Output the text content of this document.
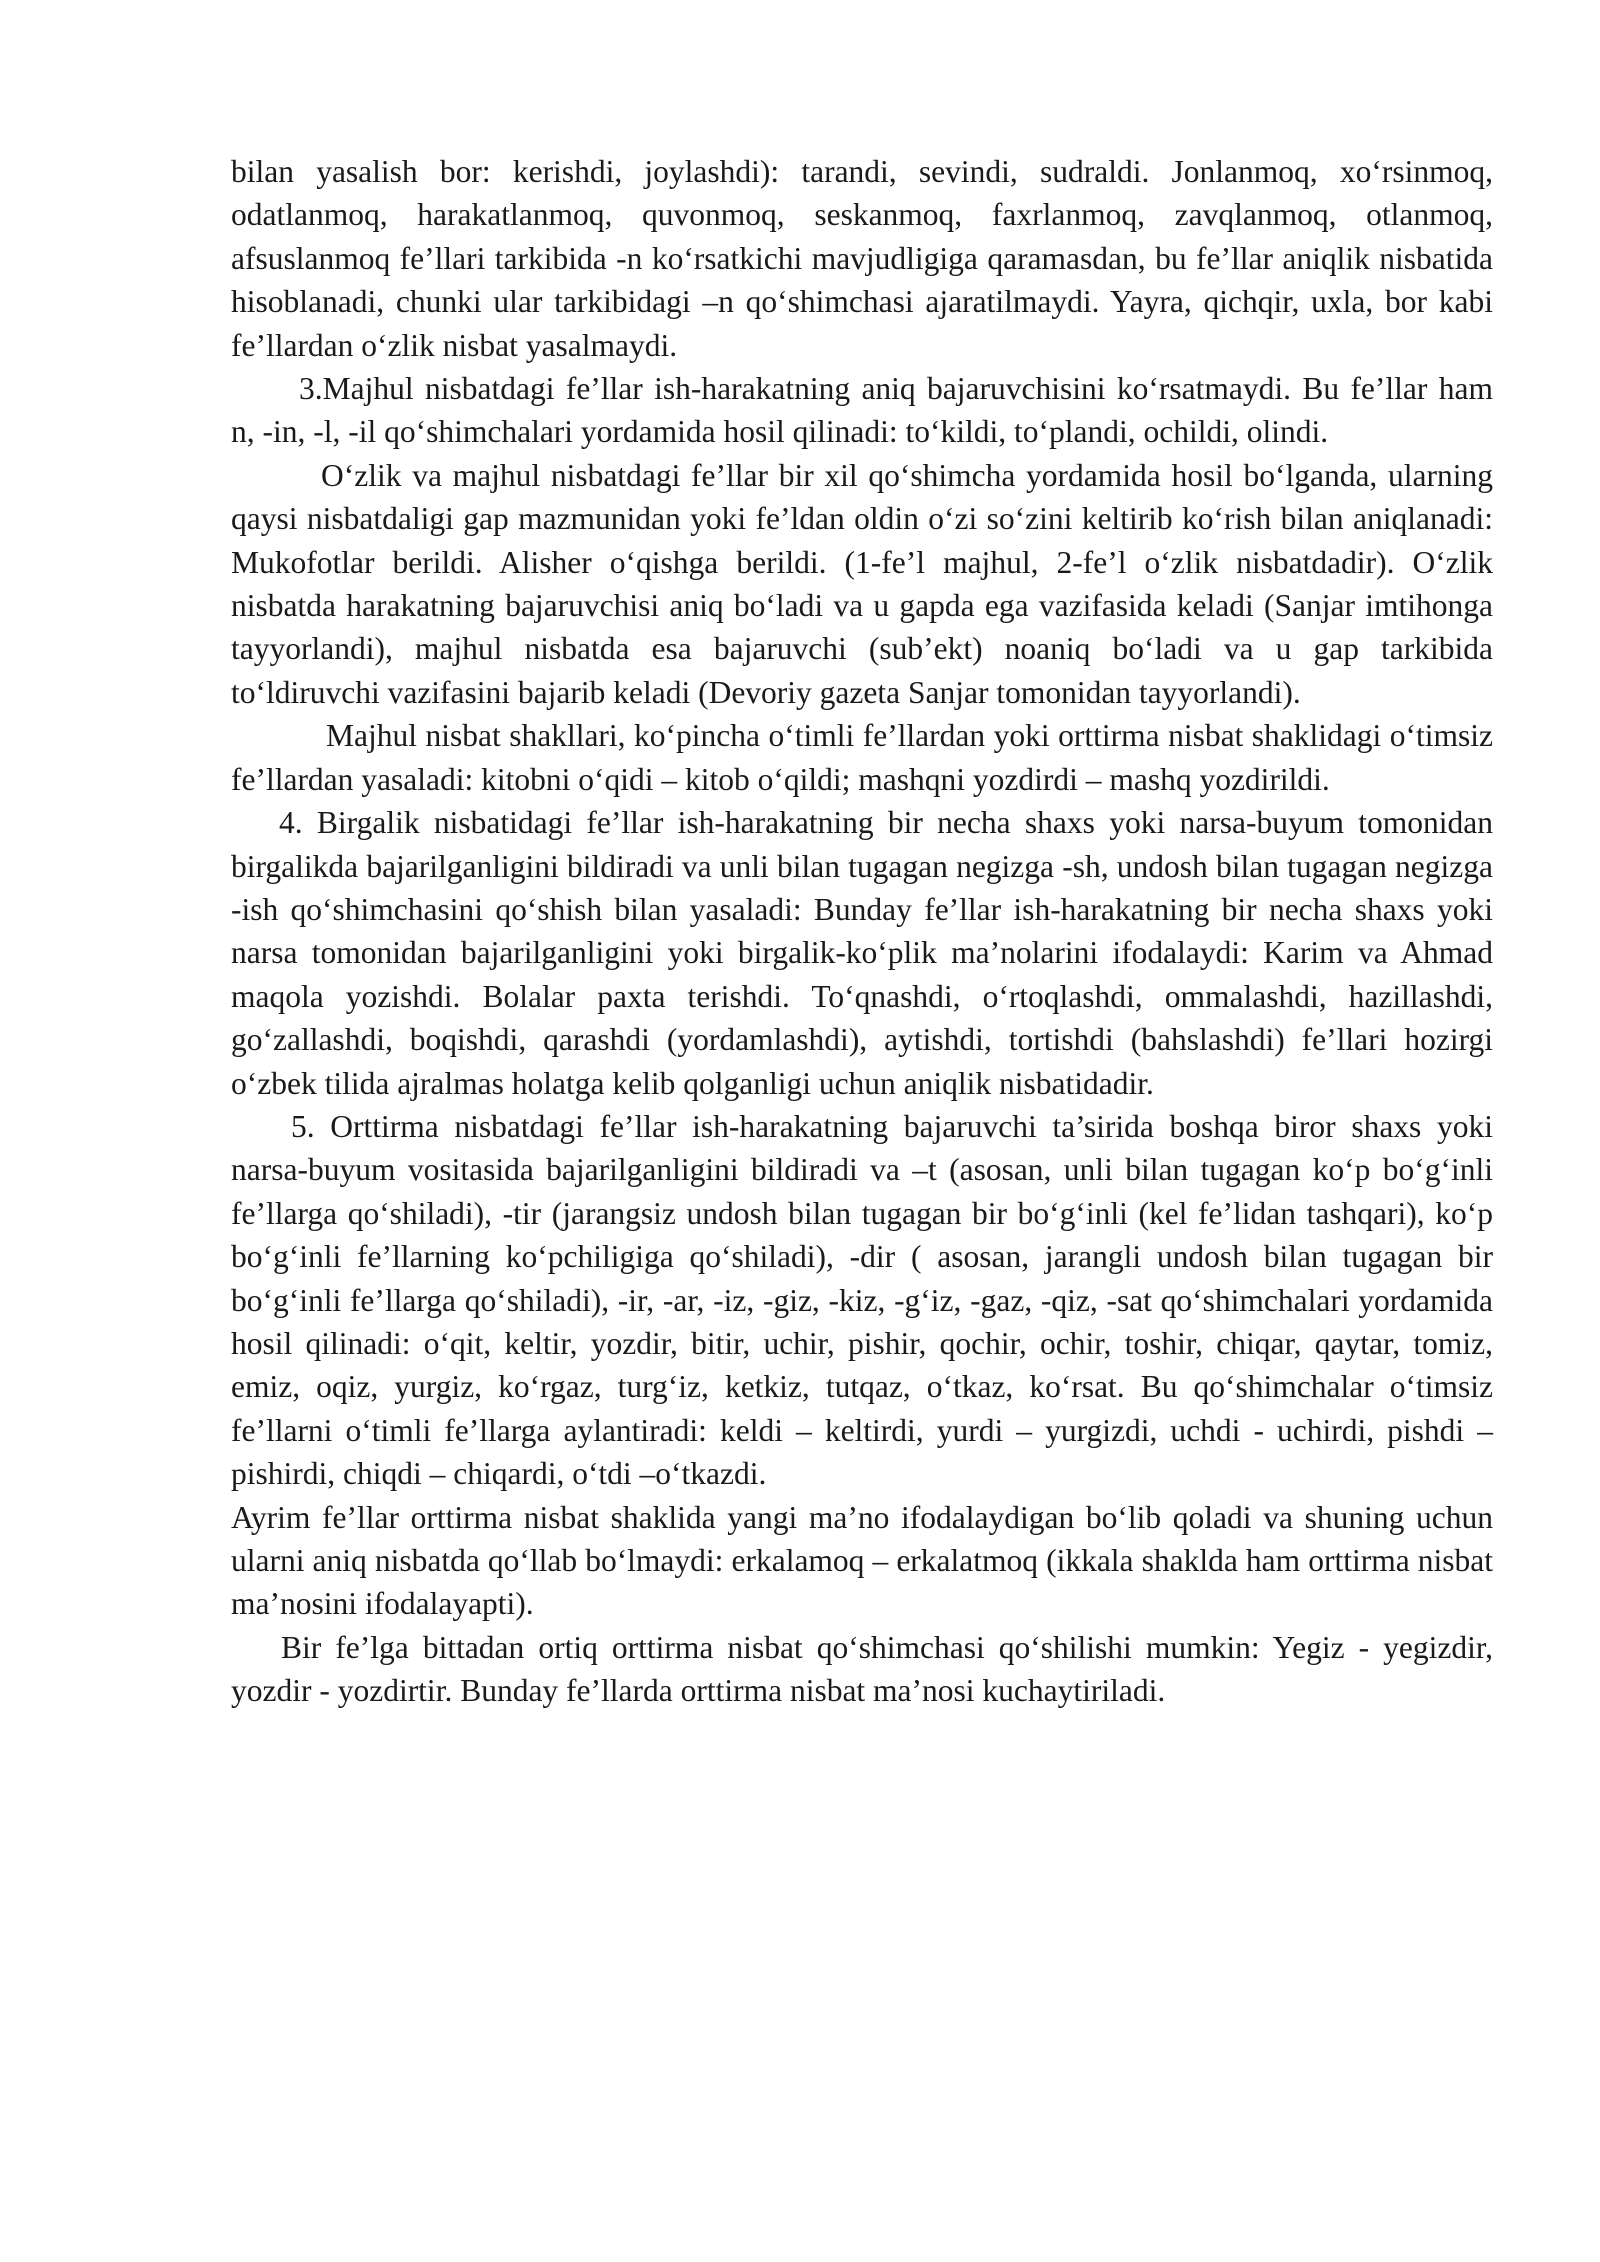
bilan yasalish bor: kerishdi, joylashdi): tarandi, sevindi, sudraldi. Jonlanmoq, xo‘rsinmoq, odatlanmoq, harakatlanmoq, quvonmoq, seskanmoq, faxrlanmoq, zavqlanmoq, otlanmoq, afsuslanmoq fe’llari tarkibida -n ko‘rsatkichi mavjudligiga qaramasdan, bu fe’llar aniqlik nisbatida hisoblanadi, chunki ular tarkibidagi –n qo‘shimchasi ajaratilmaydi. Yayra, qichqir, uxla, bor kabi fe’llardan o‘zlik nisbat yasalmaydi.

3.Majhul nisbatdagi fe’llar ish-harakatning aniq bajaruvchisini ko‘rsatmaydi. Bu fe’llar ham n, -in, -l, -il qo‘shimchalari yordamida hosil qilinadi: to‘kildi, to‘plandi, ochildi, olindi.

O‘zlik va majhul nisbatdagi fe’llar bir xil qo‘shimcha yordamida hosil bo‘lganda, ularning qaysi nisbatdaligi gap mazmunidan yoki fe’ldan oldin o‘zi so‘zini keltirib ko‘rish bilan aniqlanadi: Mukofotlar berildi. Alisher o‘qishga berildi. (1-fe’l majhul, 2-fe’l o‘zlik nisbatdadir). O‘zlik nisbatda harakatning bajaruvchisi aniq bo‘ladi va u gapda ega vazifasida keladi (Sanjar imtihonga tayyorlandi), majhul nisbatda esa bajaruvchi (sub’ekt) noaniq bo‘ladi va u gap tarkibida to‘ldiruvchi vazifasini bajarib keladi (Devoriy gazeta Sanjar tomonidan tayyorlandi).

Majhul nisbat shakllari, ko‘pincha o‘timli fe’llardan yoki orttirma nisbat shaklidagi o‘timsiz fe’llardan yasaladi: kitobni o‘qidi – kitob o‘qildi; mashqni yozdirdi – mashq yozdirildi.

4. Birgalik nisbatidagi fe’llar ish-harakatning bir necha shaxs yoki narsa-buyum tomonidan birgalikda bajarilganligini bildiradi va unli bilan tugagan negizga -sh, undosh bilan tugagan negizga -ish qo‘shimchasini qo‘shish bilan yasaladi: Bunday fe’llar ish-harakatning bir necha shaxs yoki narsa tomonidan bajarilganligini yoki birgalik-ko‘plik ma’nolarini ifodalaydi: Karim va Ahmad maqola yozishdi. Bolalar paxta terishdi. To‘qnashdi, o‘rtoqlashdi, ommalashdi, hazillashdi, go‘zallashdi, boqishdi, qarashdi (yordamlashdi), aytishdi, tortishdi (bahslashdi) fe’llari hozirgi o‘zbek tilida ajralmas holatga kelib qolganligi uchun aniqlik nisbatidadir.

5. Orttirma nisbatdagi fe’llar ish-harakatning bajaruvchi ta’sirida boshqa biror shaxs yoki narsa-buyum vositasida bajarilganligini bildiradi va –t (asosan, unli bilan tugagan ko‘p bo‘g‘inli fe’llarga qo‘shiladi), -tir (jarangsiz undosh bilan tugagan bir bo‘g‘inli (kel fe’lidan tashqari), ko‘p bo‘g‘inli fe’llarning ko‘pchiligiga qo‘shiladi), -dir ( asosan, jarangli undosh bilan tugagan bir bo‘g‘inli fe’llarga qo‘shiladi), -ir, -ar, -iz, -giz, -kiz, -g‘iz, -gaz, -qiz, -sat qo‘shimchalari yordamida hosil qilinadi: o‘qit, keltir, yozdir, bitir, uchir, pishir, qochir, ochir, toshir, chiqar, qaytar, tomiz, emiz, oqiz, yurgiz, ko‘rgaz, turg‘iz, ketkiz, tutqaz, o‘tkaz, ko‘rsat. Bu qo‘shimchalar o‘timsiz fe’llarni o‘timli fe’llarga aylantiradi: keldi – keltirdi, yurdi – yurgizdi, uchdi - uchirdi, pishdi – pishirdi, chiqdi – chiqardi, o‘tdi –o‘tkazdi.

Ayrim fe’llar orttirma nisbat shaklida yangi ma’no ifodalaydigan bo‘lib qoladi va shuning uchun ularni aniq nisbatda qo‘llab bo‘lmaydi: erkalamoq – erkalatmoq (ikkala shaklda ham orttirma nisbat ma’nosini ifodalayapti).

Bir fe’lga bittadan ortiq orttirma nisbat qo‘shimchasi qo‘shilishi mumkin: Yegiz - yegizdir, yozdir - yozdirtir. Bunday fe’llarda orttirma nisbat ma’nosi kuchaytiriladi.
